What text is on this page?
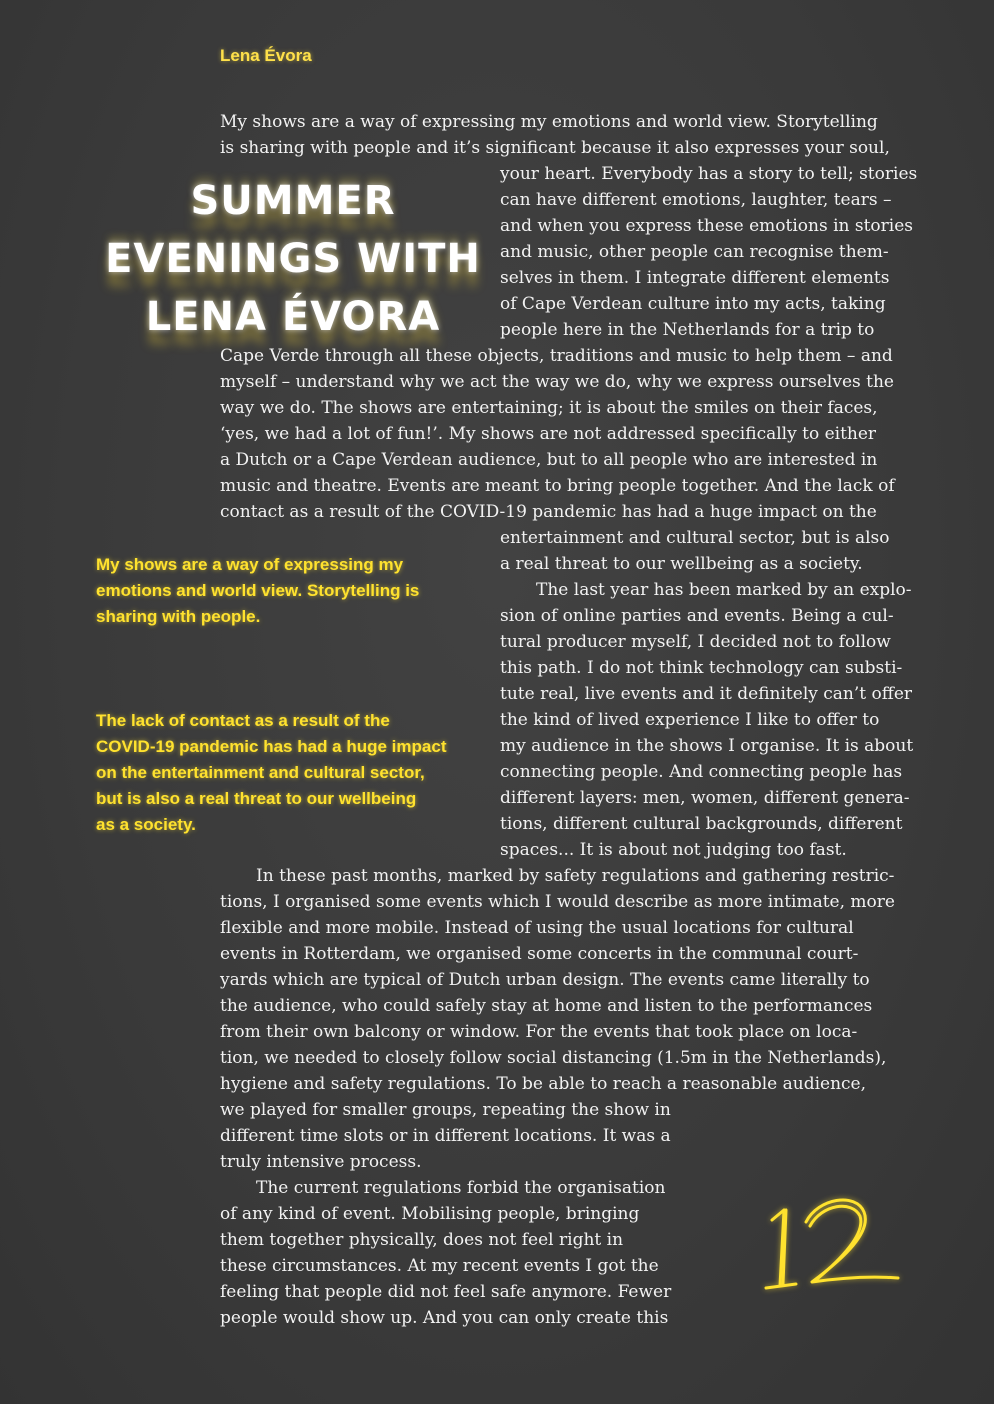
Lena Évora
SUMMER
EVENINGS WITH
LENA ÉVORA

My shows are a way of expressing my emotions and world view. Storytelling
is sharing with people and it’s significant because it also expresses your soul,

your heart. Everybody has a story to tell; stories
can have different emotions, laughter, tears –
and when you express these emotions in stories
and music, other people can recognise them-
selves in them. I integrate different elements
of Cape Verdean culture into my acts, taking
people here in the Netherlands for a trip to

Cape Verde through all these objects, traditions and music to help them – and
myself – understand why we act the way we do, why we express ourselves the
way we do. The shows are entertaining; it is about the smiles on their faces,
‘yes, we had a lot of fun!’. My shows are not addressed specifically to either
a Dutch or a Cape Verdean audience, but to all people who are interested in
music and theatre. Events are meant to bring people together. And the lack of
contact as a result of the COVID-19 pandemic has had a huge impact on the

entertainment and cultural sector, but is also
a real threat to our wellbeing as a society.
The last year has been marked by an explo-
sion of online parties and events. Being a cul-
tural producer myself, I decided not to follow
this path. I do not think technology can substi-
tute real, live events and it definitely can’t offer
the kind of lived experience I like to offer to
my audience in the shows I organise. It is about
connecting people. And connecting people has
different layers: men, women, different genera-
tions, different cultural backgrounds, different
spaces... It is about not judging too fast.

In these past months, marked by safety regulations and gathering restric-
tions, I organised some events which I would describe as more intimate, more
flexible and more mobile. Instead of using the usual locations for cultural
events in Rotterdam, we organised some concerts in the communal court-
yards which are typical of Dutch urban design. The events came literally to
the audience, who could safely stay at home and listen to the performances
from their own balcony or window. For the events that took place on loca-
tion, we needed to closely follow social distancing (1.5m in the Netherlands),
hygiene and safety regulations. To be able to reach a reasonable audience,

we played for smaller groups, repeating the show in
different time slots or in different locations. It was a
truly intensive process.
The current regulations forbid the organisation
of any kind of event. Mobilising people, bringing
them together physically, does not feel right in
these circumstances. At my recent events I got the
feeling that people did not feel safe anymore. Fewer
people would show up. And you can only create this

My shows are a way of expressing my
emotions and world view. Storytelling is
sharing with people.
The lack of contact as a result of the
COVID-19 pandemic has had a huge impact
on the entertainment and cultural sector,
but is also a real threat to our wellbeing
as a society.
